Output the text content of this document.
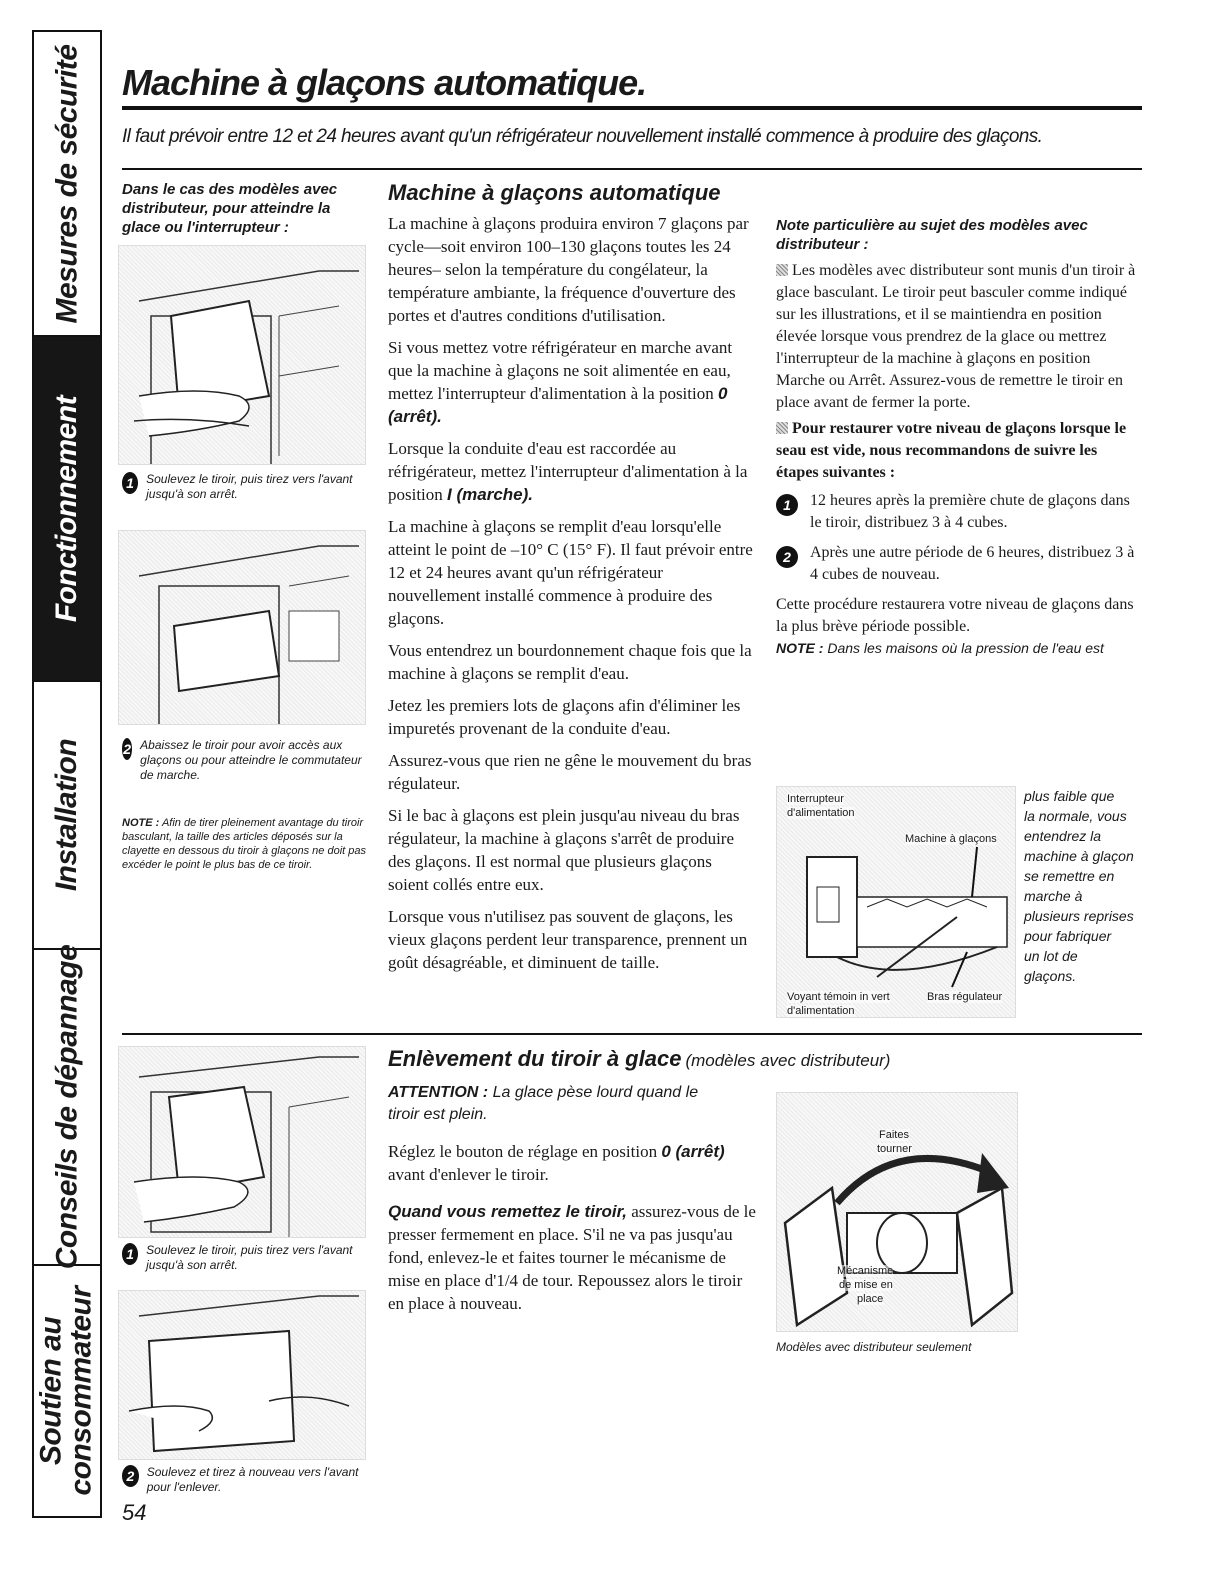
Mesures de sécurité
Fonctionnement
Installation
Conseils de dépannage
Soutien au
consommateur
Machine à glaçons automatique.
Il faut prévoir entre 12 et 24 heures avant qu'un réfrigérateur nouvellement installé commence à produire des glaçons.
Dans le cas des modèles avec distributeur, pour atteindre la glace ou l'interrupteur :
1	Soulevez le tiroir, puis tirez vers l'avant jusqu'à son arrêt.
2 Abaissez le tiroir pour avoir accès aux glaçons ou pour atteindre le commutateur de marche.
NOTE : Afin de tirer pleinement avantage du tiroir basculant, la taille des articles déposés sur la clayette en dessous du tiroir à glaçons ne doit pas excéder le point le plus bas de ce tiroir.
Machine à glaçons automatique

La machine à glaçons produira environ 7 glaçons par cycle—soit environ 100–130 glaçons toutes les 24 heures– selon la température du congélateur, la température ambiante, la fréquence d'ouverture des portes et d'autres conditions d'utilisation.

Si vous mettez votre réfrigérateur en marche avant que la machine à glaçons ne soit alimentée en eau, mettez l'interrupteur d'alimentation à la position 0 (arrêt).

Lorsque la conduite d'eau est raccordée au réfrigérateur, mettez l'interrupteur d'alimentation à la position I (marche).

La machine à glaçons se remplit d'eau lorsqu'elle atteint le point de –10° C (15° F). Il faut prévoir entre 12 et 24 heures avant qu'un réfrigérateur nouvellement installé commence à produire des glaçons.

Vous entendrez un bourdonnement chaque fois que la machine à glaçons se remplit d'eau.

Jetez les premiers lots de glaçons afin d'éliminer les impuretés provenant de la conduite d'eau.

Assurez-vous que rien ne gêne le mouvement du bras régulateur.

Si le bac à glaçons est plein jusqu'au niveau du bras régulateur, la machine à glaçons s'arrêt de produire des glaçons. Il est normal que plusieurs glaçons soient collés entre eux.

Lorsque vous n'utilisez pas souvent de glaçons, les vieux glaçons perdent leur transparence, prennent un goût désagréable, et diminuent de taille.

Note particulière au sujet des modèles avec distributeur :

Les modèles avec distributeur sont munis d'un tiroir à glace basculant. Le tiroir peut basculer comme indiqué sur les illustrations, et il se maintiendra en position élevée lorsque vous prendrez de la glace ou mettrez l'interrupteur de la machine à glaçons en position Marche ou Arrêt. Assurez-vous de remettre le tiroir en place avant de fermer la porte.

Pour restaurer votre niveau de glaçons lorsque le seau est vide, nous recommandons de suivre les étapes suivantes :

1	12 heures après la première chute de glaçons dans le tiroir, distribuez 3 à 4 cubes.
2	Après une autre période de 6 heures, distribuez 3 à 4 cubes de nouveau.

Cette procédure restaurera votre niveau de glaçons dans la plus brève période possible.

NOTE : Dans les maisons où la pression de l'eau est
Interrupteur
d'alimentation
Machine à glaçons
Voyant témoin in vert
d'alimentation
Bras régulateur
plus faible que
la normale, vous
entendrez la
machine à glaçon
se remettre en
marche à
plusieurs reprises
pour fabriquer
un lot de
glaçons.
1	Soulevez le tiroir, puis tirez vers l'avant jusqu'à son arrêt.
2	Soulevez et tirez à nouveau vers l'avant pour l'enlever.
54
Enlèvement du tiroir à glace (modèles avec distributeur)
ATTENTION : La glace pèse lourd quand le tiroir est plein.

Réglez le bouton de réglage en position 0 (arrêt) avant d'enlever le tiroir.

Quand vous remettez le tiroir, assurez-vous de le presser fermement en place. S'il ne va pas jusqu'au fond, enlevez-le et faites tourner le mécanisme de mise en place d'1/4 de tour. Repoussez alors le tiroir en place à nouveau.

Faites
tourner
Mécanisme
de mise en
place
Modèles avec distributeur seulement
